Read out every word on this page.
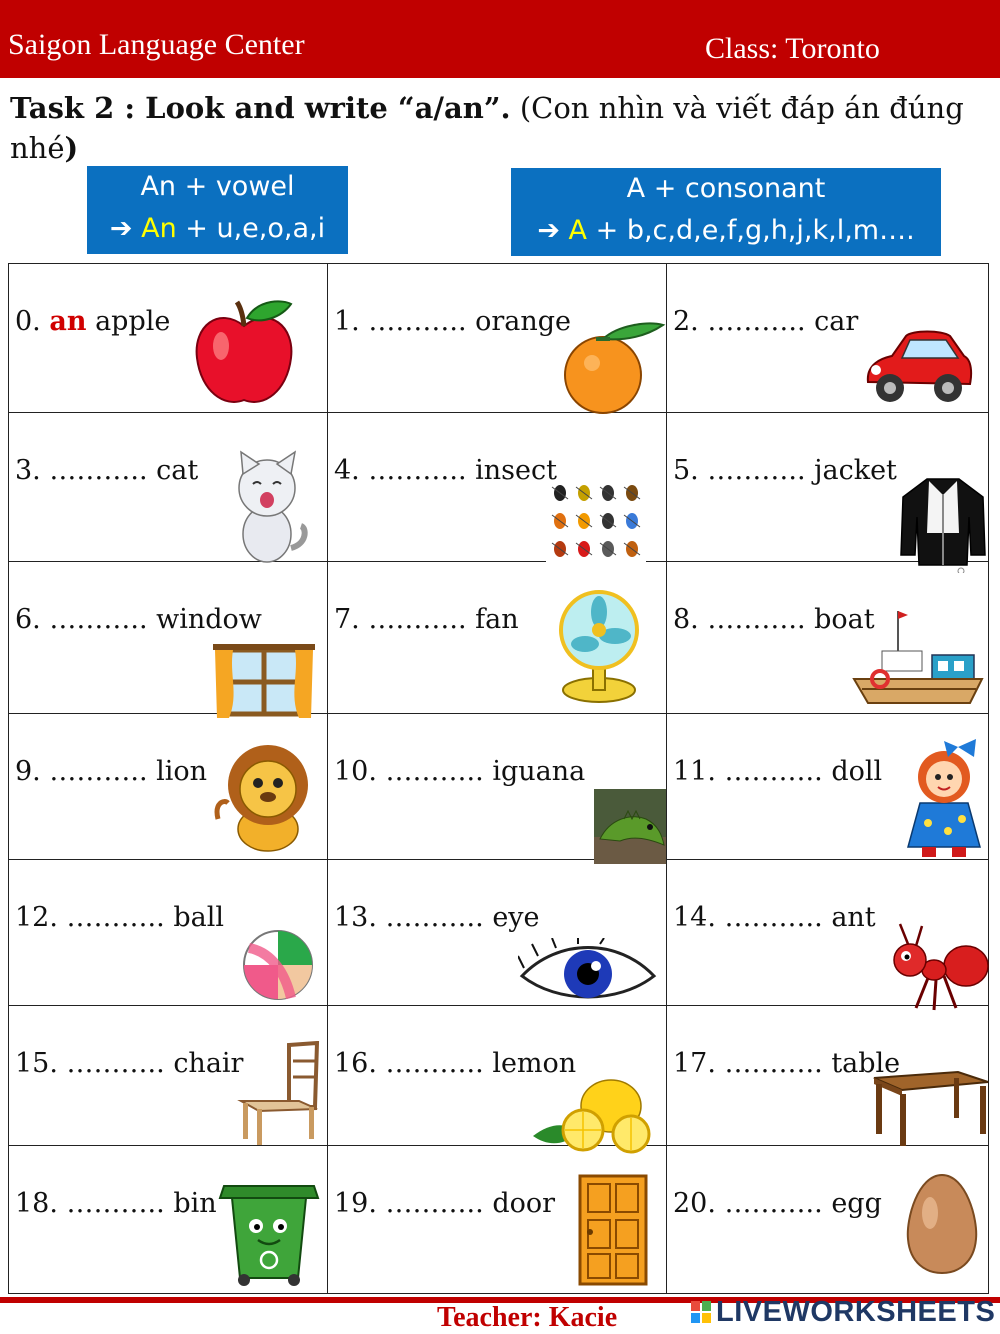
Saigon Language Center	Class: Toronto
Task 2 : Look and write “a/an”. (Con nhìn và viết đáp án đúng nhé)
An + vowel
➔ An + u,e,o,a,i
A + consonant
➔ A + b,c,d,e,f,g,h,j,k,l,m….
0. an apple	1. ……….. orange	2. ……….. car

3. ……….. cat	4. ……….. insect	5. ……….. jacket

6. ……….. window	7. ……….. fan	8. ……….. boat

9. ……….. lion	10. ……….. iguana	11. ……….. doll

12. ……….. ball	13. ……….. eye	14. ……….. ant

15. ……….. chair	16. ……….. lemon	17. ……….. table

18. ……….. bin	19. ……….. door	20. ……….. egg
Teacher: Kacie	LIVEWORKSHEETS
